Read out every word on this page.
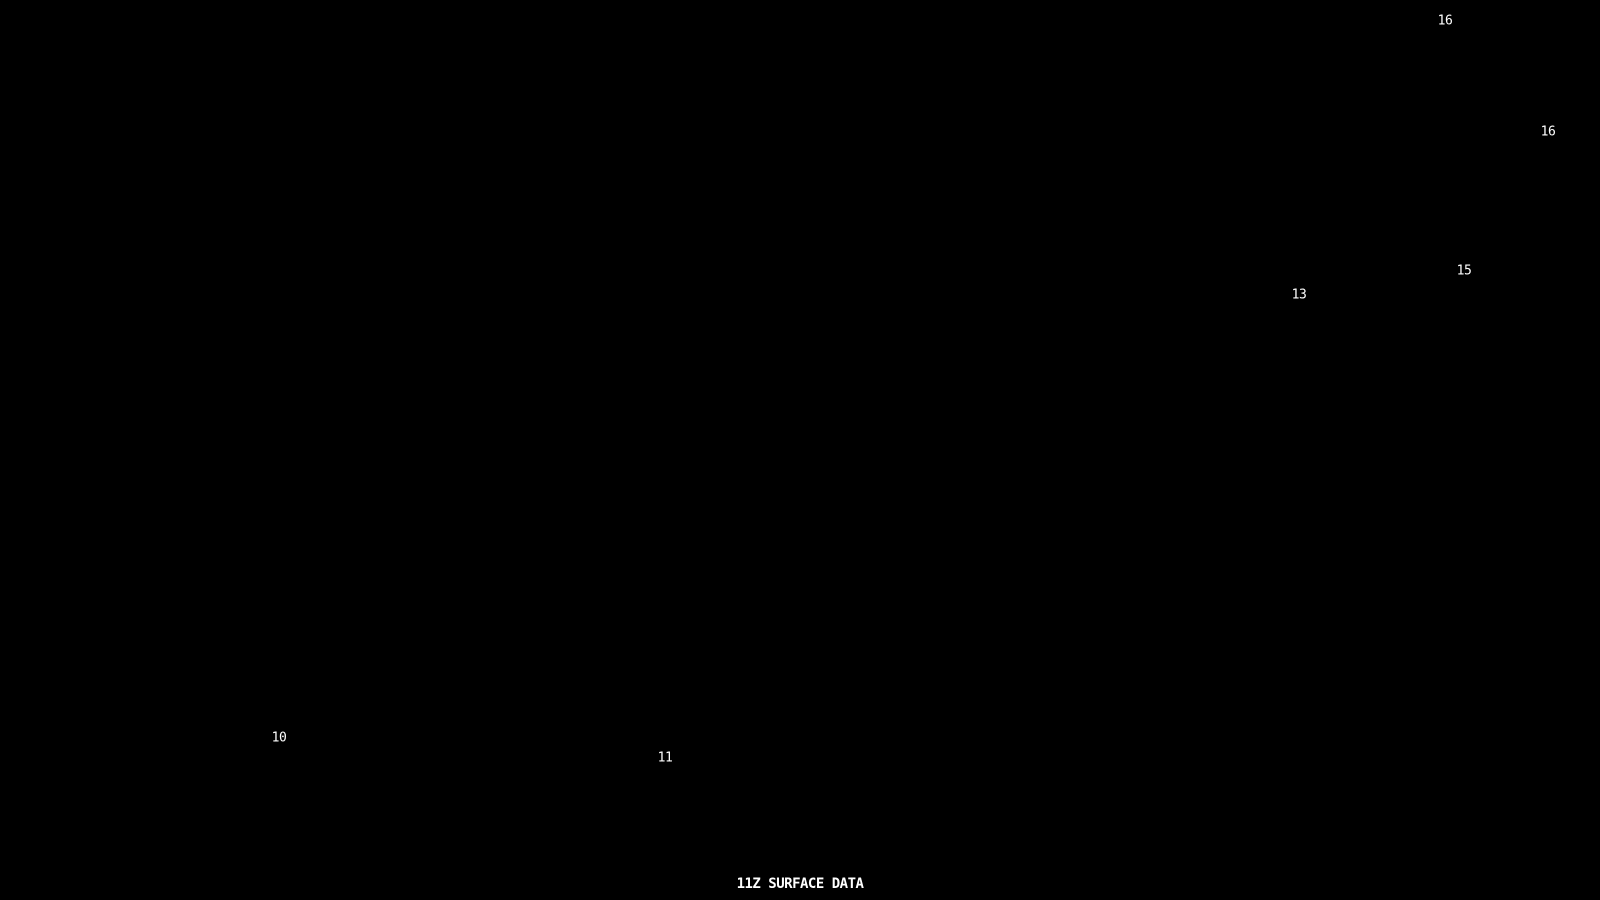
16
16
15
13
10
11
11Z SURFACE DATA
